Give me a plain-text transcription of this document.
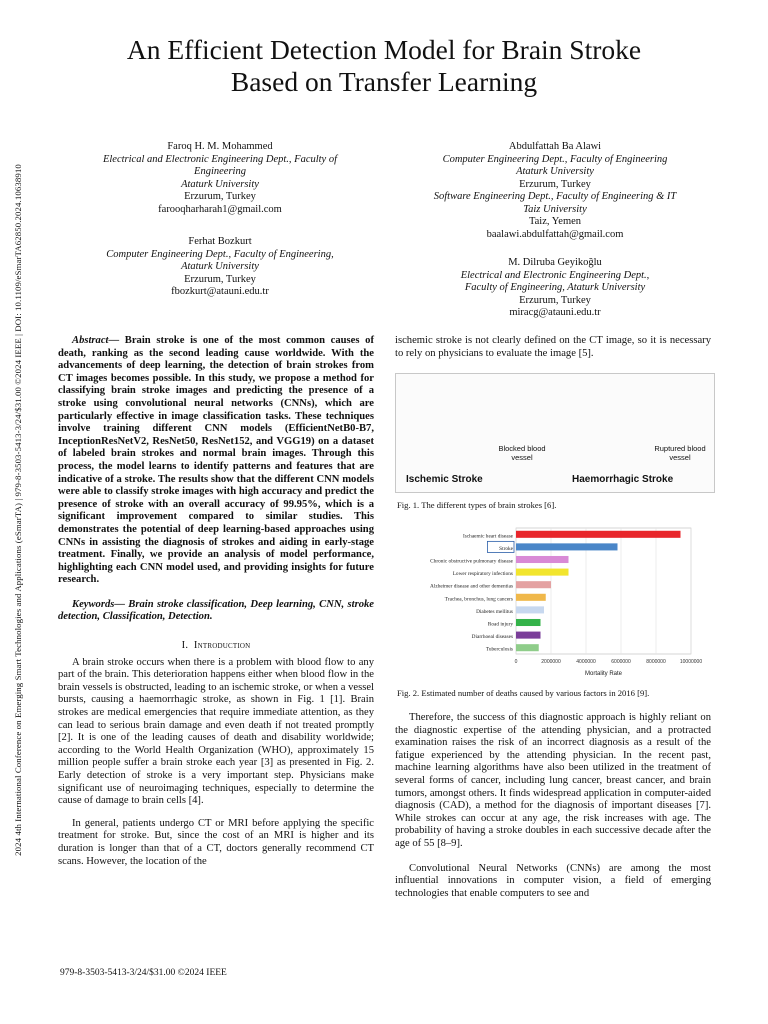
2024 4th International Conference on Emerging Smart Technologies and Applications (eSmarTA) | 979-8-3503-5413-3/24/$31.00 ©2024 IEEE | DOI: 10.1109/eSmarTA62850.2024.10638910
An Efficient Detection Model for Brain Stroke
Based on Transfer Learning
Faroq H. M. Mohammed
Electrical and Electronic Engineering Dept., Faculty of
Engineering
Ataturk University
Erzurum, Turkey
farooqharharah1@gmail.com
Ferhat Bozkurt
Computer Engineering Dept., Faculty of Engineering,
Ataturk University
Erzurum, Turkey
fbozkurt@atauni.edu.tr
Abdulfattah Ba Alawi
Computer Engineering Dept., Faculty of Engineering
Ataturk University
Erzurum, Turkey
Software Engineering Dept., Faculty of Engineering & IT
Taiz University
Taiz, Yemen
baalawi.abdulfattah@gmail.com
M. Dilruba Geyikoğlu
Electrical and Electronic Engineering Dept.,
Faculty of Engineering, Ataturk University
Erzurum, Turkey
miracg@atauni.edu.tr

Abstract— Brain stroke is one of the most common causes of death, ranking as the second leading cause worldwide. With the advancements of deep learning, the detection of brain strokes from CT images becomes possible. In this study, we propose a method for classifying brain stroke images and predicting the presence of a stroke using convolutional neural networks (CNNs), which are particularly effective in image classification tasks. These techniques involve training different CNN models (EfficientNetB0-B7, InceptionResNetV2, ResNet50, ResNet152, and VGG19) on a dataset of labeled brain strokes and normal brain images. Through this process, the model learns to identify patterns and features that are indicative of a stroke. The results show that the different CNN models were able to classify stroke images with high accuracy and predict the presence of stroke with an overall accuracy of 99.95%, which is a significant improvement compared to similar studies. This demonstrates the potential of deep learning-based approaches using CNNs in assisting the diagnosis of strokes and aiding in early-stage treatment. Finally, we provide an analysis of model performance, highlighting each CNN model used, and providing insights for future research.

Keywords— Brain stroke classification, Deep learning, CNN, stroke detection, Classification, Detection.

I. Introduction

A brain stroke occurs when there is a problem with blood flow to any part of the brain. This deterioration happens either when blood flow in the brain vessels is obstructed, leading to an ischemic stroke, or when a vessel bursts, causing a haemorrhagic stroke, as shown in Fig. 1 [1]. Brain strokes are medical emergencies that require immediate attention, as they can lead to serious brain damage and even death if not treated promptly [2]. It is one of the leading causes of death and disability worldwide; according to the World Health Organization (WHO), approximately 15 million people suffer a brain stroke each year [3] as presented in Fig. 2. Early detection of stroke is a very important step. Physicians make significant use of neuroimaging techniques, especially to determine the cause of damage to brain cells [4].

In general, patients undergo CT or MRI before applying the specific treatment for stroke. But, since the cost of an MRI is higher and its duration is longer than that of a CT, doctors generally recommend CT scans. However, the location of the

ischemic stroke is not clearly defined on the CT image, so it is necessary to rely on physicians to evaluate the image [5].

Blocked blood vessel
Ruptured blood vessel
Ischemic Stroke	Haemorrhagic Stroke
Fig. 1. The different types of brain strokes [6].
0	2000000	4000000	6000000	8000000	10000000
Ischaemic heart disease
Stroke
Chronic obstructive pulmonary disease
Lower respiratory infections
Alzheimer disease and other dementias
Trachea, bronchus, lung cancers
Diabetes mellitus
Road injury
Diarrhoeal diseases
Tuberculosis
Mortality Rate
Fig. 2. Estimated number of deaths caused by various factors in 2016 [9].

Therefore, the success of this diagnostic approach is highly reliant on the diagnostic expertise of the attending physician, and a protracted examination raises the risk of an incorrect diagnosis as a result of the fatigue experienced by the attending physician. In the recent past, machine learning algorithms have also been utilized in the treatment of several forms of cancer, including lung cancer, breast cancer, and brain tumors, amongst others. It finds widespread application in computer-aided diagnosis (CAD), a method for the diagnosis of important diseases [7]. While strokes can occur at any age, the risk increases with age. The probability of having a stroke doubles in each successive decade after the age of 55 [8–9].

Convolutional Neural Networks (CNNs) are among the most influential innovations in computer vision, a field of emerging technologies that enable computers to see and

979-8-3503-5413-3/24/$31.00 ©2024 IEEE
